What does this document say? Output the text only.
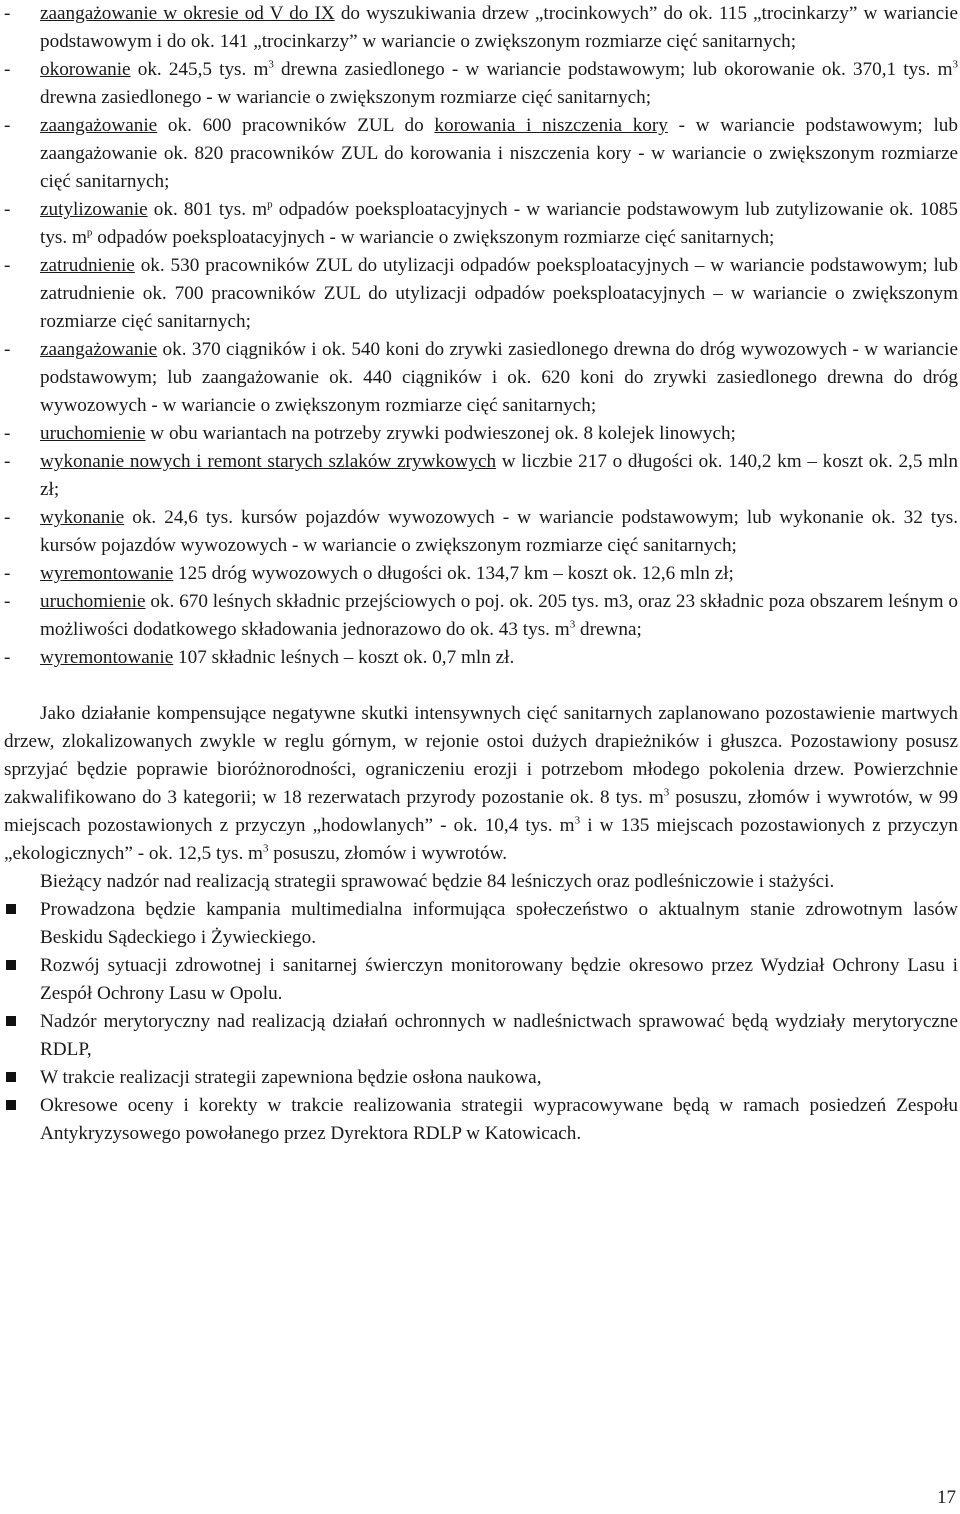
- zaangażowanie w okresie od V do IX do wyszukiwania drzew „trocinkowych” do ok. 115 „trocinkarzy” w wariancie podstawowym i do ok. 141 „trocinkarzy” w wariancie o zwiększonym rozmiarze cięć sanitarnych;
- okorowanie ok. 245,5 tys. $m^3$ drewna zasiedlonego - w wariancie podstawowym; lub okorowanie ok. 370,1 tys. $m^3$ drewna zasiedlonego - w wariancie o zwiększonym rozmiarze cięć sanitarnych;
- zaangażowanie ok. 600 pracowników ZUL do korowania i niszczenia kory - w wariancie podstawowym; lub zaangażowanie ok. 820 pracowników ZUL do korowania i niszczenia kory - w wariancie o zwiększonym rozmiarze cięć sanitarnych;
- zutylizowanie ok. 801 tys. $m^p$ odpadów poeksploatacyjnych - w wariancie podstawowym lub zutylizowanie ok. 1085 tys. $m^p$ odpadów poeksploatacyjnych - w wariancie o zwiększonym rozmiarze cięć sanitarnych;
- zatrudnienie ok. 530 pracowników ZUL do utylizacji odpadów poeksploatacyjnych – w wariancie podstawowym; lub zatrudnienie ok. 700 pracowników ZUL do utylizacji odpadów poeksploatacyjnych – w wariancie o zwiększonym rozmiarze cięć sanitarnych;
- zaangażowanie ok. 370 ciągników i ok. 540 koni do zrywki zasiedlonego drewna do dróg wywozowych - w wariancie podstawowym; lub zaangażowanie ok. 440 ciągników i ok. 620 koni do zrywki zasiedlonego drewna do dróg wywozowych - w wariancie o zwiększonym rozmiarze cięć sanitarnych;
- uruchomienie w obu wariantach na potrzeby zrywki podwieszonej ok. 8 kolejek linowych;
- wykonanie nowych i remont starych szlaków zrywkowych w liczbie 217 o długości ok. 140,2 km – koszt ok. 2,5 mln zł;
- wykonanie ok. 24,6 tys. kursów pojazdów wywozowych - w wariancie podstawowym; lub wykonanie ok. 32 tys. kursów pojazdów wywozowych - w wariancie o zwiększonym rozmiarze cięć sanitarnych;
- wyremontowanie 125 dróg wywozowych o długości ok. 134,7 km – koszt ok. 12,6 mln zł;
- uruchomienie ok. 670 leśnych składnic przejściowych o poj. ok. 205 tys. m3, oraz 23 składnic poza obszarem leśnym o możliwości dodatkowego składowania jednorazowo do ok. 43 tys. $m^3$ drewna;
- wyremontowanie 107 składnic leśnych – koszt ok. 0,7 mln zł.

Jako działanie kompensujące negatywne skutki intensywnych cięć sanitarnych zaplanowano pozostawienie martwych drzew, zlokalizowanych zwykle w reglu górnym, w rejonie ostoi dużych drapieżników i głuszca. Pozostawiony posusz sprzyjać będzie poprawie bioróżnorodności, ograniczeniu erozji i potrzebom młodego pokolenia drzew. Powierzchnie zakwalifikowano do 3 kategorii; w 18 rezerwatach przyrody pozostanie ok. 8 tys. $m^3$ posuszu, złomów i wywrotów, w 99 miejscach pozostawionych z przyczyn „hodowlanych” - ok. 10,4 tys. $m^3$ i w 135 miejscach pozostawionych z przyczyn „ekologicznych” - ok. 12,5 tys. $m^3$ posuszu, złomów i wywrotów.

Bieżący nadzór nad realizacją strategii sprawować będzie 84 leśniczych oraz podleśniczowie i stażyści.

Prowadzona będzie kampania multimedialna informująca społeczeństwo o aktualnym stanie zdrowotnym lasów Beskidu Sądeckiego i Żywieckiego.
Rozwój sytuacji zdrowotnej i sanitarnej świerczyn monitorowany będzie okresowo przez Wydział Ochrony Lasu i Zespół Ochrony Lasu w Opolu.
Nadzór merytoryczny nad realizacją działań ochronnych w nadleśnictwach sprawować będą wydziały merytoryczne RDLP,
W trakcie realizacji strategii zapewniona będzie osłona naukowa,
Okresowe oceny i korekty w trakcie realizowania strategii wypracowywane będą w ramach posiedzeń Zespołu Antykryzysowego powołanego przez Dyrektora RDLP w Katowicach.
17
